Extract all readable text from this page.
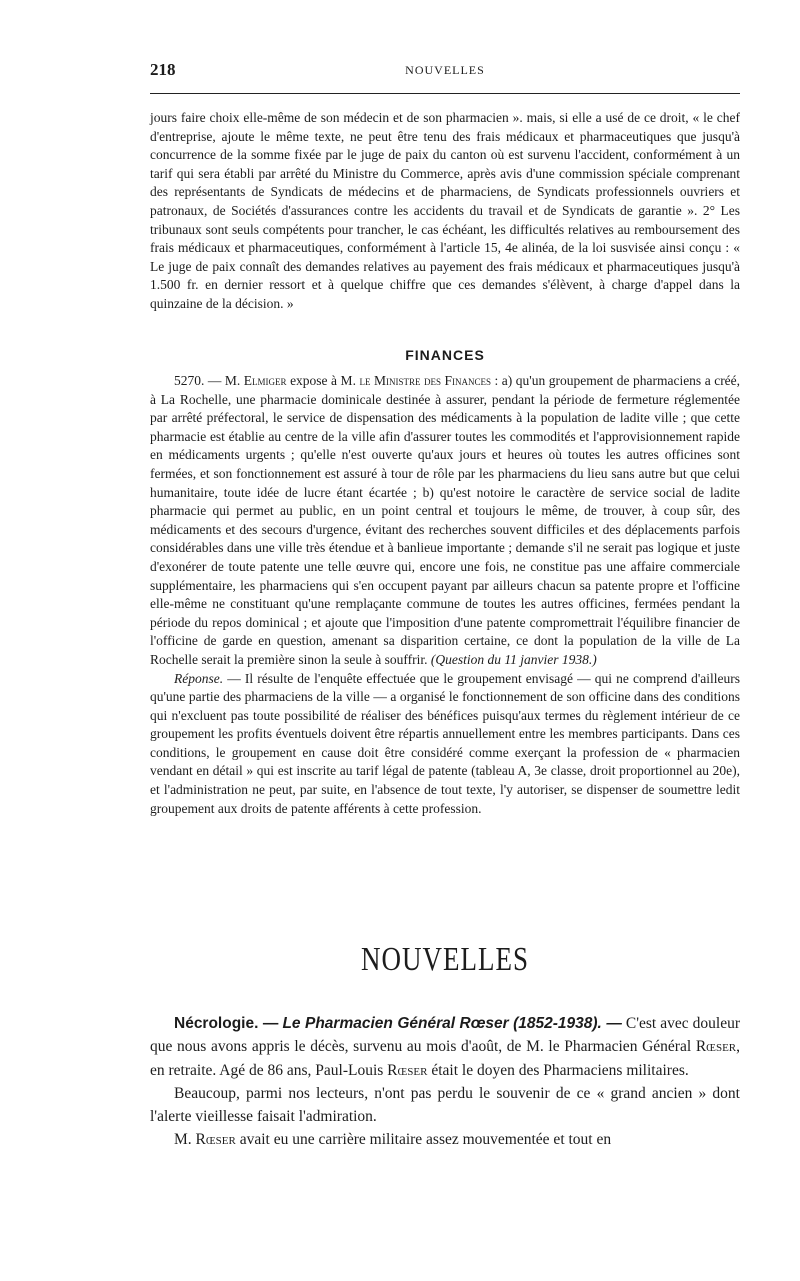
218	NOUVELLES

jours faire choix elle-même de son médecin et de son pharmacien ». mais, si elle a usé de ce droit, « le chef d'entreprise, ajoute le même texte, ne peut être tenu des frais médicaux et pharmaceutiques que jusqu'à concurrence de la somme fixée par le juge de paix du canton où est survenu l'accident, conformément à un tarif qui sera établi par arrêté du Ministre du Commerce, après avis d'une commission spéciale comprenant des représentants de Syndicats de médecins et de pharmaciens, de Syndicats professionnels ouvriers et patronaux, de Sociétés d'assurances contre les accidents du travail et de Syndicats de garantie ». 2° Les tribunaux sont seuls compétents pour trancher, le cas échéant, les difficultés relatives au remboursement des frais médicaux et pharmaceutiques, conformément à l'article 15, 4e alinéa, de la loi susvisée ainsi conçu : « Le juge de paix connaît des demandes relatives au payement des frais médicaux et pharmaceutiques jusqu'à 1.500 fr. en dernier ressort et à quelque chiffre que ces demandes s'élèvent, à charge d'appel dans la quinzaine de la décision. »

FINANCES

5270. — M. Elmiger expose à M. le Ministre des Finances : a) qu'un groupement de pharmaciens a créé, à La Rochelle, une pharmacie dominicale destinée à assurer, pendant la période de fermeture réglementée par arrêté préfectoral, le service de dispensation des médicaments à la population de ladite ville ; que cette pharmacie est établie au centre de la ville afin d'assurer toutes les commodités et l'approvisionnement rapide en médicaments urgents ; qu'elle n'est ouverte qu'aux jours et heures où toutes les autres officines sont fermées, et son fonctionnement est assuré à tour de rôle par les pharmaciens du lieu sans autre but que celui humanitaire, toute idée de lucre étant écartée ; b) qu'est notoire le caractère de service social de ladite pharmacie qui permet au public, en un point central et toujours le même, de trouver, à coup sûr, des médicaments et des secours d'urgence, évitant des recherches souvent difficiles et des déplacements parfois considérables dans une ville très étendue et à banlieue importante ; demande s'il ne serait pas logique et juste d'exonérer de toute patente une telle œuvre qui, encore une fois, ne constitue pas une affaire commerciale supplémentaire, les pharmaciens qui s'en occupent payant par ailleurs chacun sa patente propre et l'officine elle-même ne constituant qu'une remplaçante commune de toutes les autres officines, fermées pendant la période du repos dominical ; et ajoute que l'imposition d'une patente compromettrait l'équilibre financier de l'officine de garde en question, amenant sa disparition certaine, ce dont la population de la ville de La Rochelle serait la première sinon la seule à souffrir. (Question du 11 janvier 1938.)

Réponse. — Il résulte de l'enquête effectuée que le groupement envisagé — qui ne comprend d'ailleurs qu'une partie des pharmaciens de la ville — a organisé le fonctionnement de son officine dans des conditions qui n'excluent pas toute possibilité de réaliser des bénéfices puisqu'aux termes du règlement intérieur de ce groupement les profits éventuels doivent être répartis annuellement entre les membres participants. Dans ces conditions, le groupement en cause doit être considéré comme exerçant la profession de « pharmacien vendant en détail » qui est inscrite au tarif légal de patente (tableau A, 3e classe, droit proportionnel au 20e), et l'administration ne peut, par suite, en l'absence de tout texte, l'y autoriser, se dispenser de soumettre ledit groupement aux droits de patente afférents à cette profession.

NOUVELLES

Nécrologie. — Le Pharmacien Général Rœser (1852-1938). — C'est avec douleur que nous avons appris le décès, survenu au mois d'août, de M. le Pharmacien Général Rœser, en retraite. Agé de 86 ans, Paul-Louis Rœser était le doyen des Pharmaciens militaires.

Beaucoup, parmi nos lecteurs, n'ont pas perdu le souvenir de ce « grand ancien » dont l'alerte vieillesse faisait l'admiration.

M. Rœser avait eu une carrière militaire assez mouvementée et tout en
